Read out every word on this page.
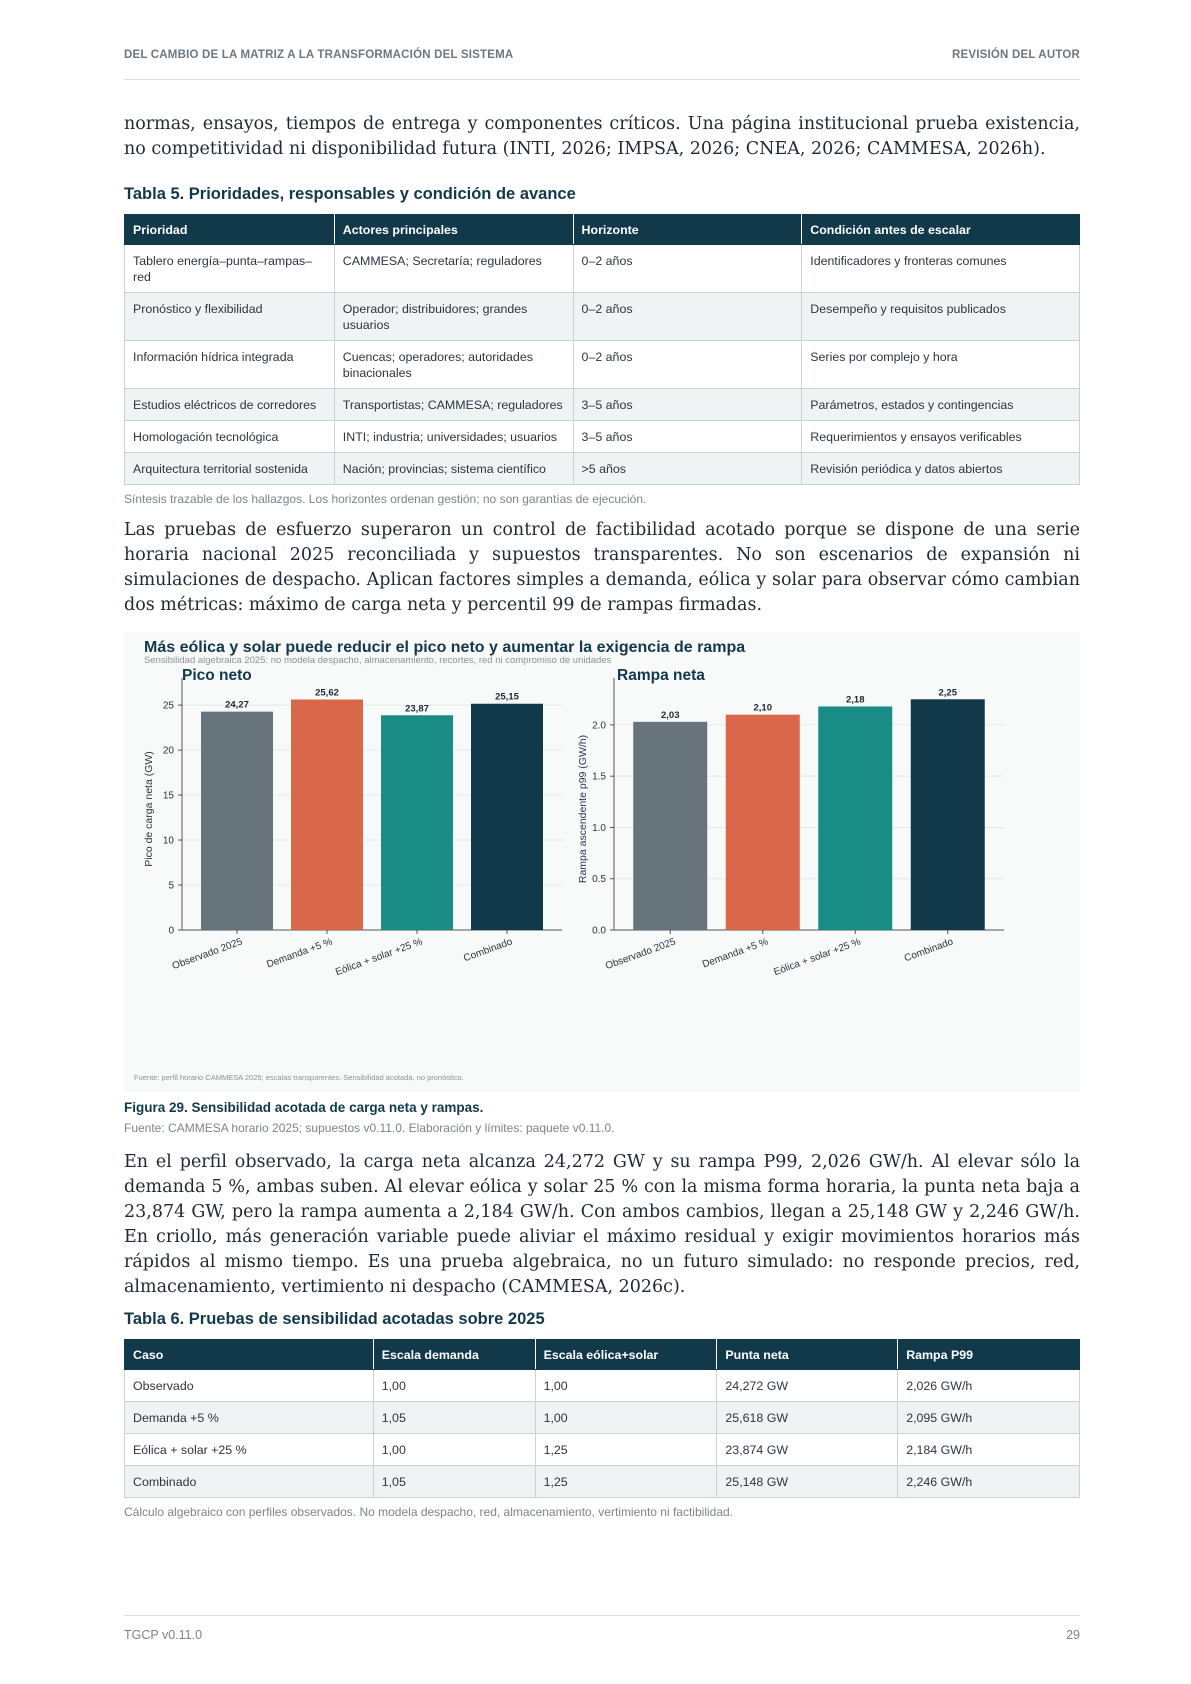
DEL CAMBIO DE LA MATRIZ A LA TRANSFORMACIÓN DEL SISTEMA	REVISIÓN DEL AUTOR

normas, ensayos, tiempos de entrega y componentes críticos. Una página institucional prueba existencia, no competitividad ni disponibilidad futura (INTI, 2026; IMPSA, 2026; CNEA, 2026; CAMMESA, 2026h).

Tabla 5. Prioridades, responsables y condición de avance
Prioridad	Actores principales	Horizonte	Condición antes de escalar
Tablero energía–punta–rampas–red	CAMMESA; Secretaría; reguladores	0–2 años	Identificadores y fronteras comunes
Pronóstico y flexibilidad	Operador; distribuidores; grandes usuarios	0–2 años	Desempeño y requisitos publicados
Información hídrica integrada	Cuencas; operadores; autoridades binacionales	0–2 años	Series por complejo y hora
Estudios eléctricos de corredores	Transportistas; CAMMESA; reguladores	3–5 años	Parámetros, estados y contingencias
Homologación tecnológica	INTI; industria; universidades; usuarios	3–5 años	Requerimientos y ensayos verificables
Arquitectura territorial sostenida	Nación; provincias; sistema científico	>5 años	Revisión periódica y datos abiertos
Síntesis trazable de los hallazgos. Los horizontes ordenan gestión; no son garantías de ejecución.

Las pruebas de esfuerzo superaron un control de factibilidad acotado porque se dispone de una serie horaria nacional 2025 reconciliada y supuestos transparentes. No son escenarios de expansión ni simulaciones de despacho. Aplican factores simples a demanda, eólica y solar para observar cómo cambian dos métricas: máximo de carga neta y percentil 99 de rampas firmadas.

Más eólica y solar puede reducir el pico neto y aumentar la exigencia de rampa
Sensibilidad algebraica 2025: no modela despacho, almacenamiento, recortes, red ni compromiso de unidades
Fuente: perfil horario CAMMESA 2025; escalas transparentes. Sensibilidad acotada, no pronóstico.
Pico neto
Pico de carga neta (GW)
0
5
10
15
20
25	24,27
Observado 2025
25,62
Demanda +5 %
23,87
Eólica + solar +25 %
25,15
Combinado
Rampa neta
Rampa ascendente p99 (GW/h)
0.0
0.5
1.0
1.5
2.0
2,03
Observado 2025
2,10
Demanda +5 %
2,18
Eólica + solar +25 %
2,25
Combinado
Figura 29. Sensibilidad acotada de carga neta y rampas.
Fuente: CAMMESA horario 2025; supuestos v0.11.0. Elaboración y límites: paquete v0.11.0.

En el perfil observado, la carga neta alcanza 24,272 GW y su rampa P99, 2,026 GW/h. Al elevar sólo la demanda 5 %, ambas suben. Al elevar eólica y solar 25 % con la misma forma horaria, la punta neta baja a 23,874 GW, pero la rampa aumenta a 2,184 GW/h. Con ambos cambios, llegan a 25,148 GW y 2,246 GW/h. En criollo, más generación variable puede aliviar el máximo residual y exigir movimientos horarios más rápidos al mismo tiempo. Es una prueba algebraica, no un futuro simulado: no responde precios, red, almacenamiento, vertimiento ni despacho (CAMMESA, 2026c).

Tabla 6. Pruebas de sensibilidad acotadas sobre 2025
Caso	Escala demanda	Escala eólica+solar	Punta neta	Rampa P99
Observado	1,00	1,00	24,272 GW	2,026 GW/h
Demanda +5 %	1,05	1,00	25,618 GW	2,095 GW/h
Eólica + solar +25 %	1,00	1,25	23,874 GW	2,184 GW/h
Combinado	1,05	1,25	25,148 GW	2,246 GW/h
Cálculo algebraico con perfiles observados. No modela despacho, red, almacenamiento, vertimiento ni factibilidad.
TGCP v0.11.0	29
